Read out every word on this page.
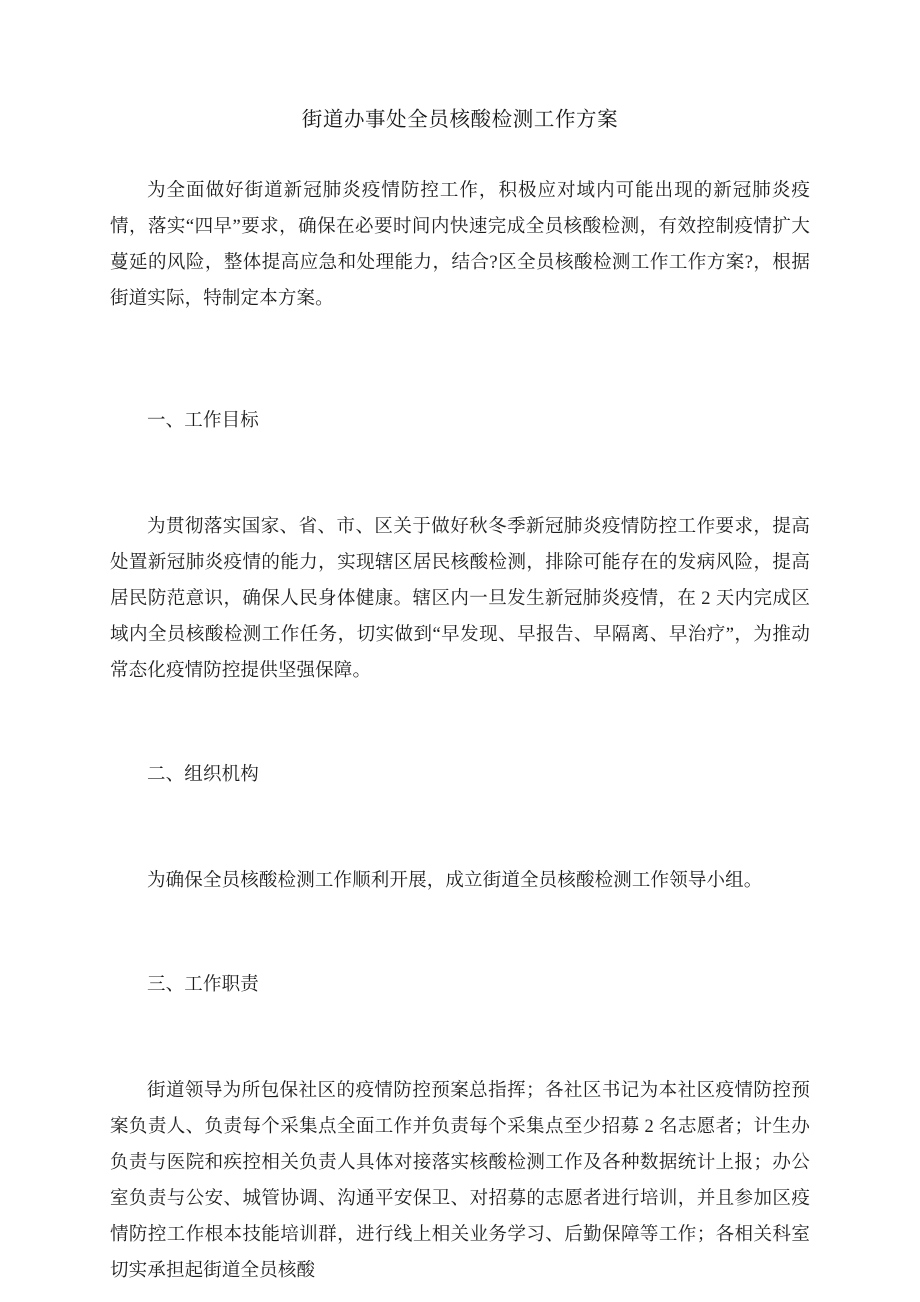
街道办事处全员核酸检测工作方案

为全面做好街道新冠肺炎疫情防控工作，积极应对域内可能出现的新冠肺炎疫情，落实“四早”要求，确保在必要时间内快速完成全员核酸检测，有效控制疫情扩大蔓延的风险，整体提高应急和处理能力，结合?区全员核酸检测工作工作方案?，根据街道实际，特制定本方案。

一、工作目标

为贯彻落实国家、省、市、区关于做好秋冬季新冠肺炎疫情防控工作要求，提高处置新冠肺炎疫情的能力，实现辖区居民核酸检测，排除可能存在的发病风险，提高居民防范意识，确保人民身体健康。辖区内一旦发生新冠肺炎疫情，在 2 天内完成区域内全员核酸检测工作任务，切实做到“早发现、早报告、早隔离、早治疗”，为推动常态化疫情防控提供坚强保障。

二、组织机构

为确保全员核酸检测工作顺利开展，成立街道全员核酸检测工作领导小组。

三、工作职责

街道领导为所包保社区的疫情防控预案总指挥；各社区书记为本社区疫情防控预案负责人、负责每个采集点全面工作并负责每个采集点至少招募 2 名志愿者；计生办负责与医院和疾控相关负责人具体对接落实核酸检测工作及各种数据统计上报；办公室负责与公安、城管协调、沟通平安保卫、对招募的志愿者进行培训，并且参加区疫情防控工作根本技能培训群，进行线上相关业务学习、后勤保障等工作；各相关科室切实承担起街道全员核酸
